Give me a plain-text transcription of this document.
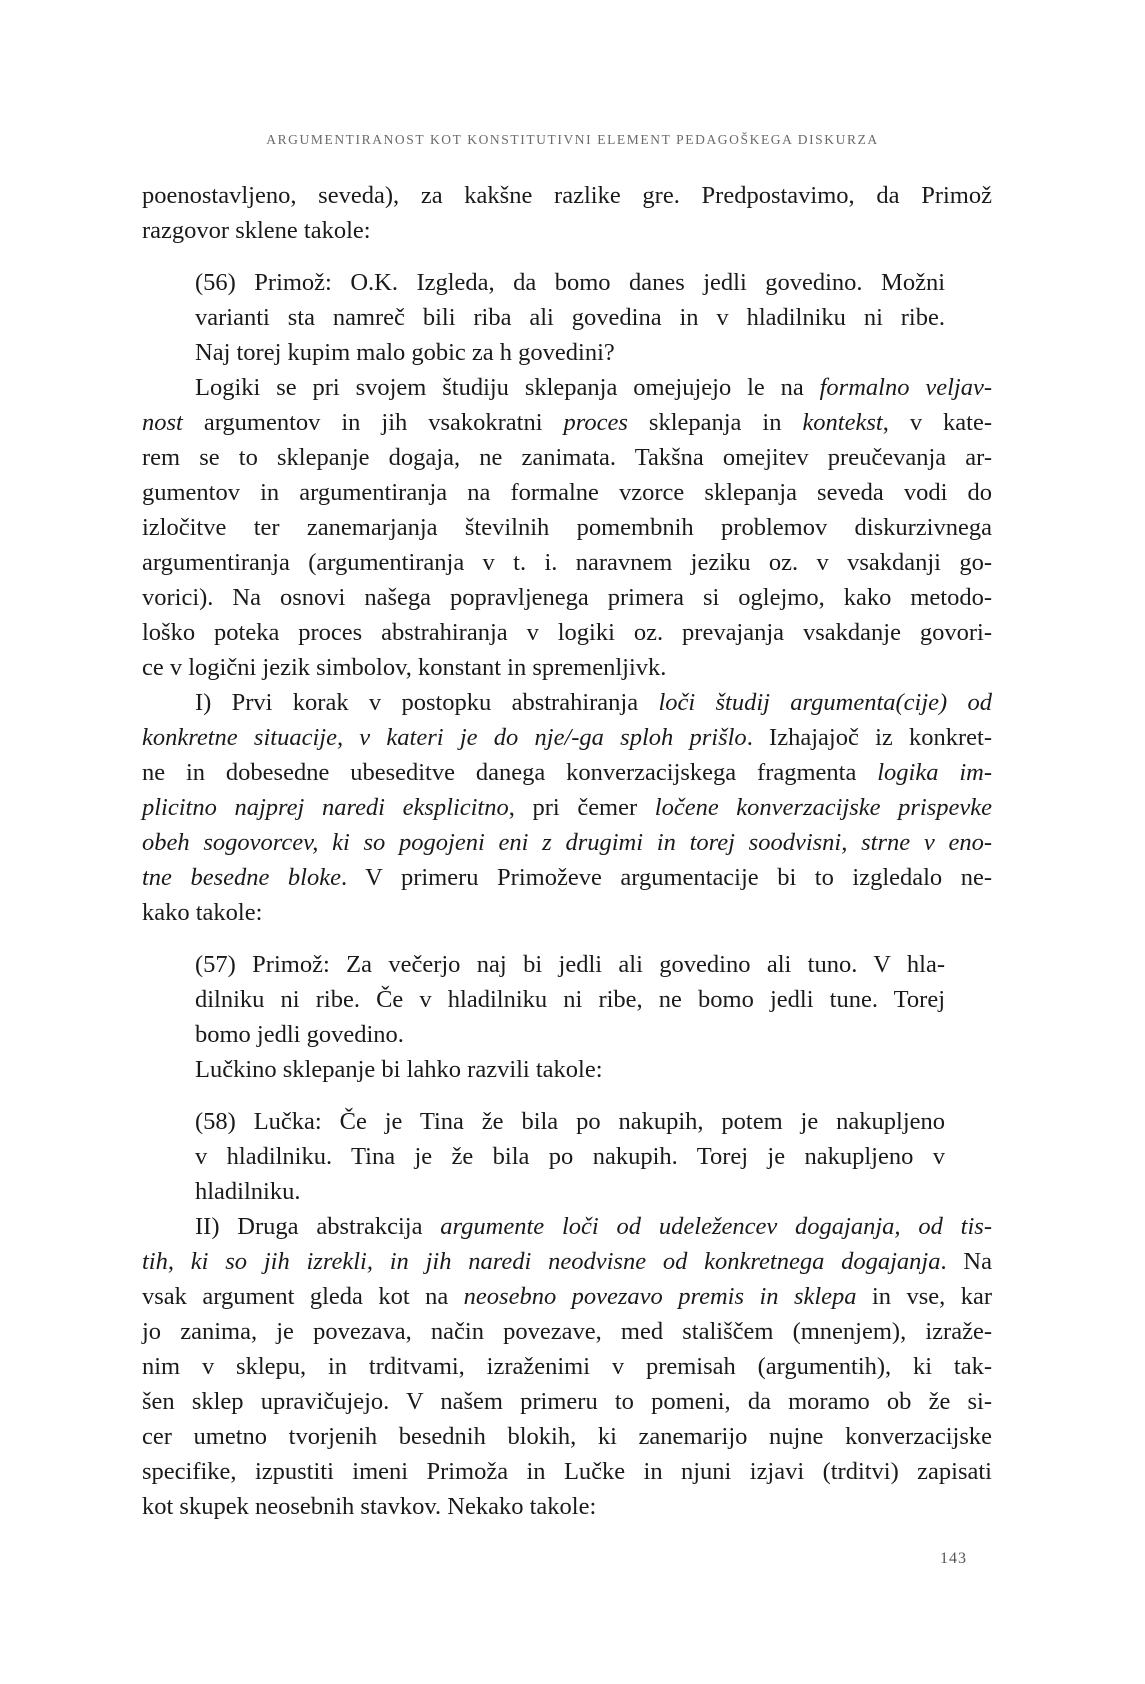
ARGUMENTIRANOST KOT KONSTITUTIVNI ELEMENT PEDAGOŠKEGA DISKURZA
poenostavljeno, seveda), za kakšne razlike gre. Predpostavimo, da Primož
razgovor sklene takole:
(56) Primož: O.K. Izgleda, da bomo danes jedli govedino. Možni
varianti sta namreč bili riba ali govedina in v hladilniku ni ribe.
Naj torej kupim malo gobic za h govedini?
Logiki se pri svojem študiju sklepanja omejujejo le na formalno veljav-
nost argumentov in jih vsakokratni proces sklepanja in kontekst, v kate-
rem se to sklepanje dogaja, ne zanimata. Takšna omejitev preučevanja ar-
gumentov in argumentiranja na formalne vzorce sklepanja seveda vodi do
izločitve ter zanemarjanja številnih pomembnih problemov diskurzivnega
argumentiranja (argumentiranja v t. i. naravnem jeziku oz. v vsakdanji go-
vorici). Na osnovi našega popravljenega primera si oglejmo, kako metodo-
loško poteka proces abstrahiranja v logiki oz. prevajanja vsakdanje govori-
ce v logični jezik simbolov, konstant in spremenljivk.
I) Prvi korak v postopku abstrahiranja loči študij argumenta(cije) od
konkretne situacije, v kateri je do nje/-ga sploh prišlo. Izhajajoč iz konkret-
ne in dobesedne ubeseditve danega konverzacijskega fragmenta logika im-
plicitno najprej naredi eksplicitno, pri čemer ločene konverzacijske prispevke
obeh sogovorcev, ki so pogojeni eni z drugimi in torej soodvisni, strne v eno-
tne besedne bloke. V primeru Primoževe argumentacije bi to izgledalo ne-
kako takole:
(57) Primož: Za večerjo naj bi jedli ali govedino ali tuno. V hla-
dilniku ni ribe. Če v hladilniku ni ribe, ne bomo jedli tune. Torej
bomo jedli govedino.
Lučkino sklepanje bi lahko razvili takole:
(58) Lučka: Če je Tina že bila po nakupih, potem je nakupljeno
v hladilniku. Tina je že bila po nakupih. Torej je nakupljeno v
hladilniku.
II) Druga abstrakcija argumente loči od udeležencev dogajanja, od tis-
tih, ki so jih izrekli, in jih naredi neodvisne od konkretnega dogajanja. Na
vsak argument gleda kot na neosebno povezavo premis in sklepa in vse, kar
jo zanima, je povezava, način povezave, med stališčem (mnenjem), izraže-
nim v sklepu, in trditvami, izraženimi v premisah (argumentih), ki tak-
šen sklep upravičujejo. V našem primeru to pomeni, da moramo ob že si-
cer umetno tvorjenih besednih blokih, ki zanemarijo nujne konverzacijske
specifike, izpustiti imeni Primoža in Lučke in njuni izjavi (trditvi) zapisati
kot skupek neosebnih stavkov. Nekako takole:
143
